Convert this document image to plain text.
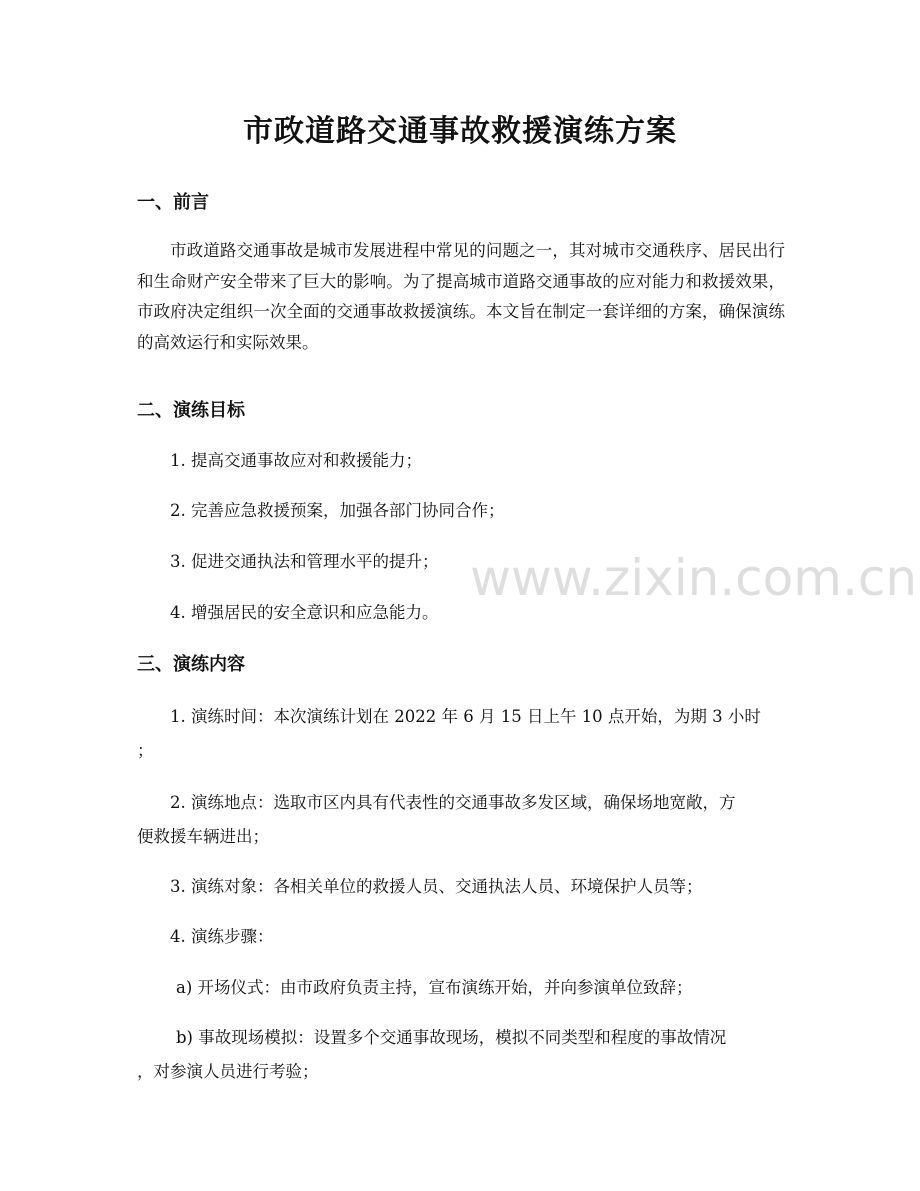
市政道路交通事故救援演练方案
一、前言
市政道路交通事故是城市发展进程中常见的问题之一，其对城市交通秩序、居民出行和生命财产安全带来了巨大的影响。为了提高城市道路交通事故的应对能力和救援效果，市政府决定组织一次全面的交通事故救援演练。本文旨在制定一套详细的方案，确保演练的高效运行和实际效果。
二、演练目标
1. 提高交通事故应对和救援能力；
2. 完善应急救援预案，加强各部门协同合作；
3. 促进交通执法和管理水平的提升；
4. 增强居民的安全意识和应急能力。
三、演练内容
1. 演练时间：本次演练计划在 2022 年 6 月 15 日上午 10 点开始，为期 3 小时
；
2. 演练地点：选取市区内具有代表性的交通事故多发区域，确保场地宽敞，方
便救援车辆进出；
3. 演练对象：各相关单位的救援人员、交通执法人员、环境保护人员等；
4. 演练步骤：
a) 开场仪式：由市政府负责主持，宣布演练开始，并向参演单位致辞；
b) 事故现场模拟：设置多个交通事故现场，模拟不同类型和程度的事故情况
，对参演人员进行考验；
www.zixin.com.cn
